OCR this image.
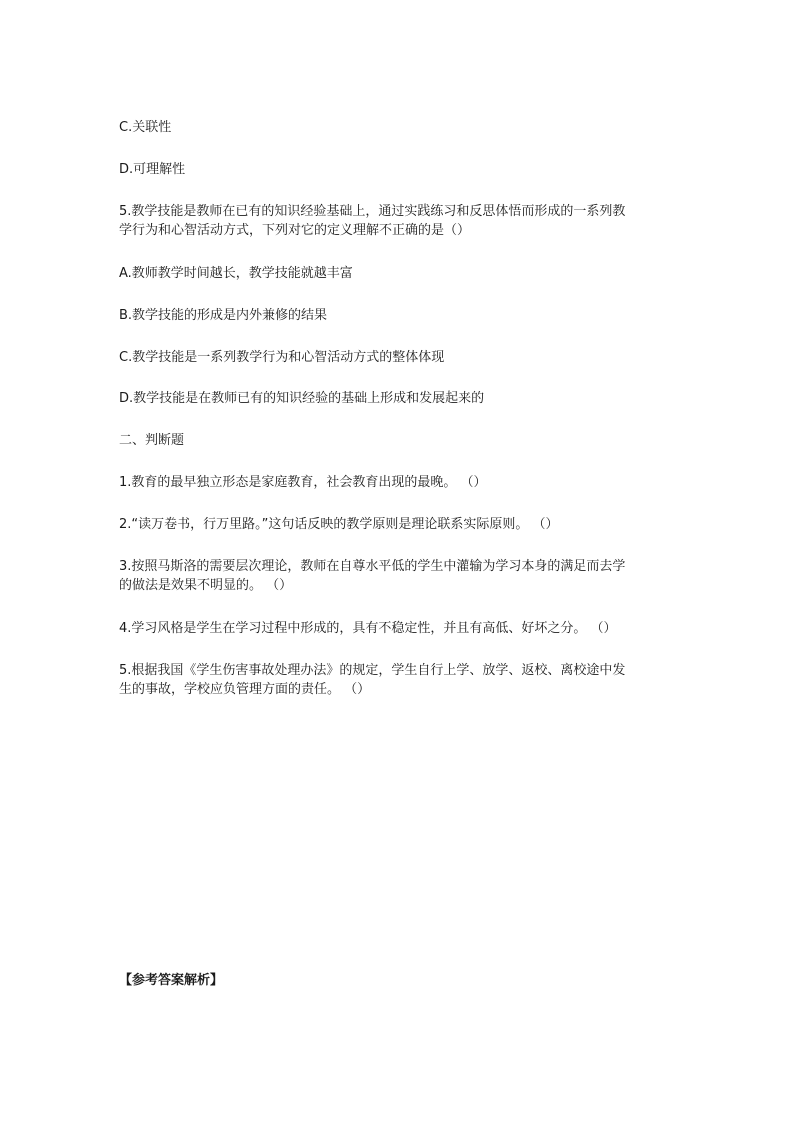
C.关联性
D.可理解性
5.教学技能是教师在已有的知识经验基础上，通过实践练习和反思体悟而形成的一系列教
学行为和心智活动方式，下列对它的定义理解不正确的是（）
A.教师教学时间越长，教学技能就越丰富
B.教学技能的形成是内外兼修的结果
C.教学技能是一系列教学行为和心智活动方式的整体体现
D.教学技能是在教师已有的知识经验的基础上形成和发展起来的
二、判断题
1.教育的最早独立形态是家庭教育，社会教育出现的最晚。 （）
2.“读万卷书，行万里路。”这句话反映的教学原则是理论联系实际原则。 （）
3.按照马斯洛的需要层次理论，教师在自尊水平低的学生中灌输为学习本身的满足而去学
的做法是效果不明显的。 （）
4.学习风格是学生在学习过程中形成的，具有不稳定性，并且有高低、好坏之分。 （）
5.根据我国《学生伤害事故处理办法》的规定，学生自行上学、放学、返校、离校途中发
生的事故，学校应负管理方面的责任。 （）
【参考答案解析】
